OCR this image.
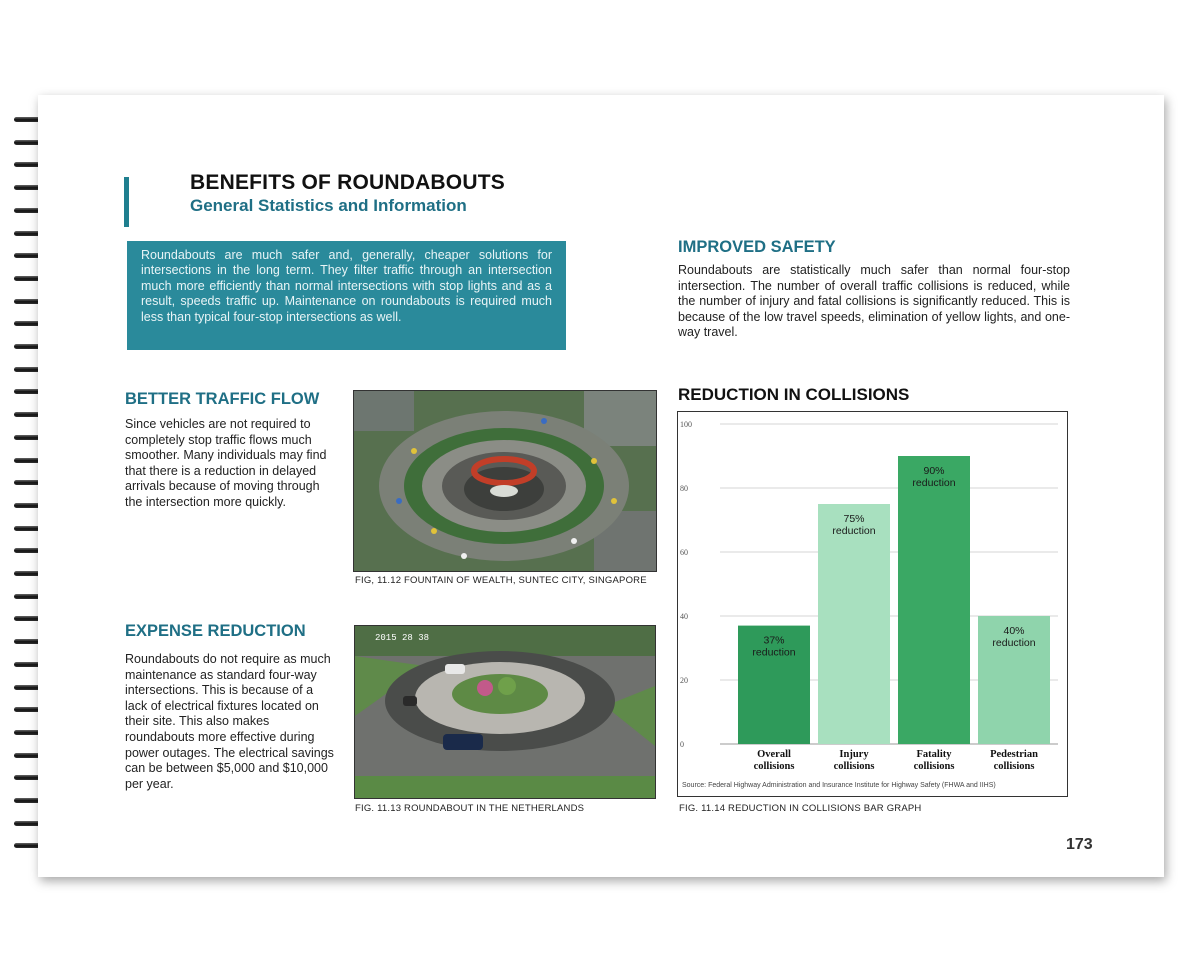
BENEFITS OF ROUNDABOUTS
General Statistics and Information
Roundabouts are much safer and, generally, cheaper solutions for intersections in the long term. They filter traffic through an intersection much more efficiently than normal intersections with stop lights and as a result, speeds traffic up. Maintenance on roundabouts is required much less than typical four-stop intersections as well.
IMPROVED SAFETY
Roundabouts are statistically much safer than normal four-stop intersection. The number of overall traffic collisions is reduced, while the number of injury and fatal collisions is significantly reduced. This is because of the low travel speeds, elimination of yellow lights, and one-way travel.
BETTER TRAFFIC FLOW
Since vehicles are not required to completely stop traffic flows much smoother. Many individuals may find that there is a reduction in delayed arrivals because of moving through the intersection more quickly.
EXPENSE REDUCTION
Roundabouts do not require as much maintenance as standard four-way intersections. This is because of a lack of electrical fixtures located on their site. This also makes roundabouts more effective during power outages. The electrical savings can be between $5,000 and $10,000 per year.
FIG, 11.12 FOUNTAIN OF WEALTH, SUNTEC CITY, SINGAPORE
2015 28 38
FIG. 11.13 ROUNDABOUT IN THE NETHERLANDS
REDUCTION IN COLLISIONS
0
20
40
60
80
100
37%
reduction
Overall
collisions
75%
reduction
Injury
collisions
90%
reduction
Fatality
collisions
40%
reduction
Pedestrian
collisions
Source: Federal Highway Administration and Insurance Institute for Highway Safety (FHWA and IIHS)
FIG. 11.14 REDUCTION IN COLLISIONS BAR GRAPH
173
